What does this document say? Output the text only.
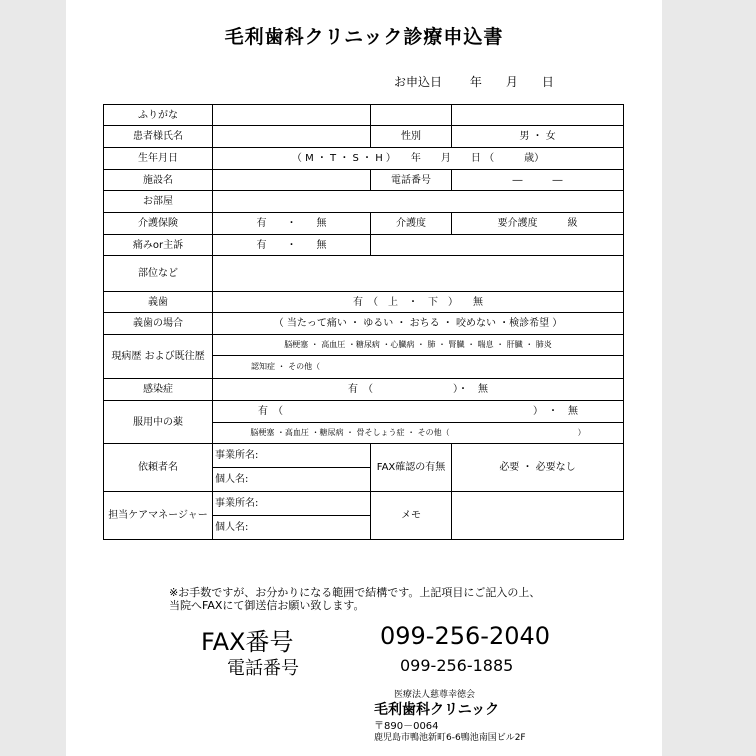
毛利歯科クリニック診療申込書
お申込日　　 年　　月　　日
ふりがな			
患者様氏名		性別	男 ・ 女
生年月日	（ M ・ T ・ S ・ H ）　　年　　月　　日 （　　　歳）		
施設名		電話番号	―　　　―
お部屋			
介護保険	有　　・　　無	介護度	要介護度　　　級
痛みor主訴	有　　・　　無		
部位など			
義歯	有　（　上　・　下　）　　無		
義歯の場合	（ 当たって痛い ・ ゆるい ・ おちる ・ 咬めない ・検診希望 ）		
現病歴 および既往歴	脳梗塞 ・ 高血圧 ・糖尿病 ・心臓病 ・ 肺 ・ 腎臓 ・ 喘息 ・ 肝臓 ・ 肺炎		
	認知症 ・ その他（		
感染症	有　（　　　　　　　　）・　無		
服用中の薬	有　（　　　　　　　　　　　　　　　　　　　　　　　　　）　・　無		
	脳梗塞 ・高血圧 ・糖尿病 ・ 骨そしょう症 ・ その他（　　　　　　　　　　　　　　　　）		
依頼者名	事業所名:	FAX確認の有無	必要 ・ 必要なし
	個人名:		
担当ケアマネージャー	事業所名:	メモ	
	個人名:		
※お手数ですが、お分かりになる範囲で結構です。上記項目にご記入の上、
当院へFAXにて御送信お願い致します。
FAX番号	099-256-2040
電話番号	099-256-1885
医療法人慈尊幸徳会
毛利歯科クリニック
〒890－0064
鹿児島市鴨池新町6-6鴨池南国ビル2F
